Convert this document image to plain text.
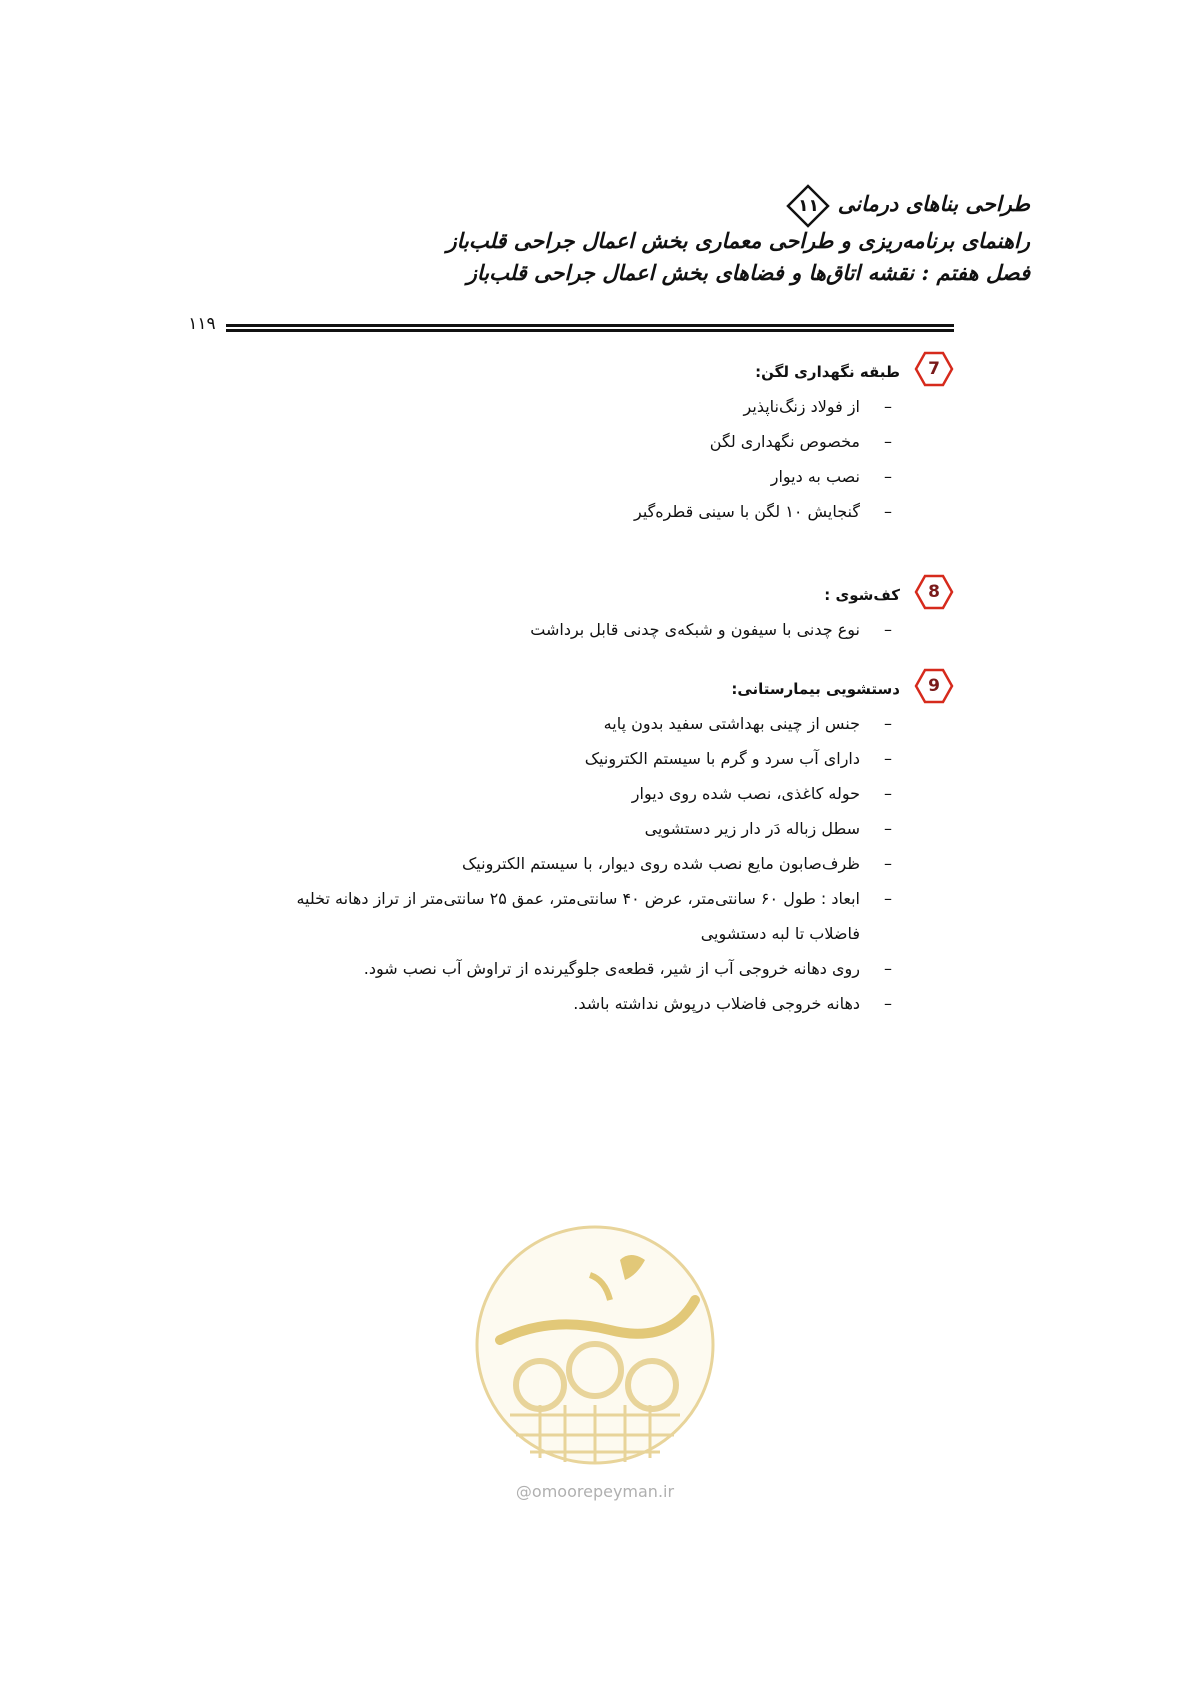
طراحی بناهای درمانی
۱۱
راهنمای برنامه‌ریزی و طراحی معماری بخش اعمال جراحی قلب‌باز
فصل هفتم : نقشه اتاق‌ها و فضاهای بخش اعمال جراحی قلب‌باز
۱۱۹
7
طبقه نگهداری لگن:
–
از فولاد زنگ‌ناپذیر
–
مخصوص نگهداری لگن
–
نصب به دیوار
–
گنجایش ۱۰ لگن با سینی قطره‌گیر
8
کف‌شوی :
–
نوع چدنی با سیفون و شبکه‌ی چدنی قابل برداشت
9
دستشویی بیمارستانی:
–
جنس از چینی بهداشتی سفید بدون پایه
–
دارای آب سرد و گرم با سیستم الکترونیک
–
حوله کاغذی، نصب شده روی دیوار
–
سطل زباله دَر دار زیر دستشویی
–
ظرف‌صابون مایع نصب شده روی دیوار، با سیستم الکترونیک
–
ابعاد : طول ۶۰ سانتی‌متر، عرض ۴۰ سانتی‌متر، عمق ۲۵ سانتی‌متر از تراز دهانه تخلیه فاضلاب تا لبه دستشویی
–
روی دهانه خروجی آب از شیر، قطعه‌ی جلوگیرنده از تراوش آب نصب شود.
–
دهانه خروجی فاضلاب درپوش نداشته باشد.
@omoorepeyman.ir
